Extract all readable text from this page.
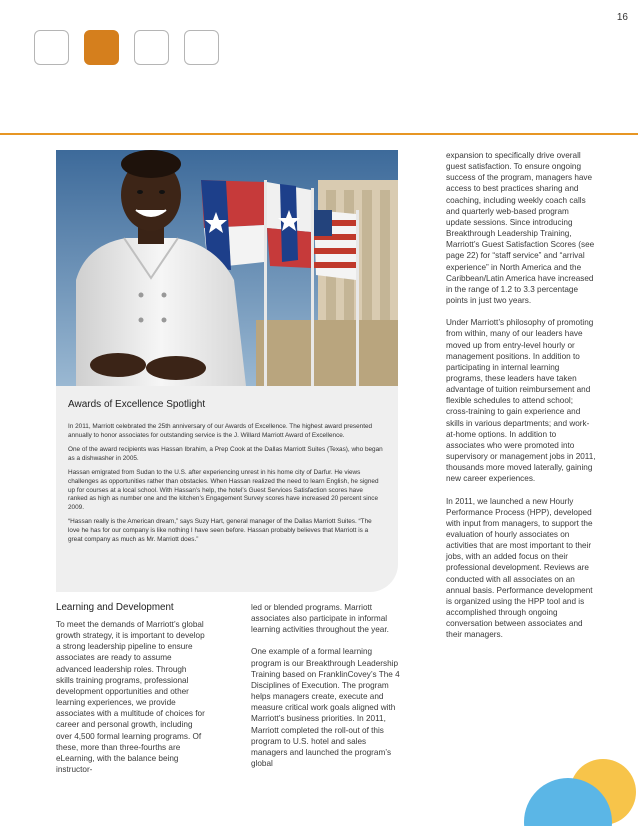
16
Awards of Excellence Spotlight

In 2011, Marriott celebrated the 25th anniversary of our Awards of Excellence. The highest award presented annually to honor associates for outstanding service is the J. Willard Marriott Award of Excellence.

One of the award recipients was Hassan Ibrahim, a Prep Cook at the Dallas Marriott Suites (Texas), who began as a dishwasher in 2005.

Hassan emigrated from Sudan to the U.S. after experiencing unrest in his home city of Darfur. He views challenges as opportunities rather than obstacles. When Hassan realized the need to learn English, he signed up for courses at a local school. With Hassan’s help, the hotel’s Guest Services Satisfaction scores have ranked as high as number one and the kitchen’s Engagement Survey scores have increased 20 percent since 2009.

“Hassan really is the American dream,” says Suzy Hart, general manager of the Dallas Marriott Suites. “The love he has for our company is like nothing I have seen before. Hassan probably believes that Marriott is a great company as much as Mr. Marriott does.”

Learning and Development

To meet the demands of Marriott’s global growth strategy, it is important to develop a strong leadership pipeline to ensure associates are ready to assume advanced leadership roles. Through skills training programs, professional development opportunities and other learning experiences, we provide associates with a multitude of choices for career and personal growth, including over 4,500 formal learning programs. Of these, more than three-fourths are eLearning, with the balance being instructor-

led or blended programs. Marriott associates also participate in informal learning activities throughout the year.

One example of a formal learning program is our Breakthrough Leadership Training based on FranklinCovey’s The 4 Disciplines of Execution. The program helps managers create, execute and measure critical work goals aligned with Marriott’s business priorities. In 2011, Marriott completed the roll-out of this program to U.S. hotel and sales managers and launched the program’s global

expansion to specifically drive overall guest satisfaction. To ensure ongoing success of the program, managers have access to best practices sharing and coaching, including weekly coach calls and quarterly web-based program update sessions. Since introducing Breakthrough Leadership Training, Marriott’s Guest Satisfaction Scores (see page 22) for “staff service” and “arrival experience” in North America and the Caribbean/Latin America have increased in the range of 1.2 to 3.3 percentage points in just two years.

Under Marriott’s philosophy of promoting from within, many of our leaders have moved up from entry-level hourly or management positions. In addition to participating in internal learning programs, these leaders have taken advantage of tuition reimbursement and flexible schedules to attend school; cross-training to gain experience and skills in various departments; and work-at-home options. In addition to associates who were promoted into supervisory or management jobs in 2011, thousands more moved laterally, gaining new career experiences.

In 2011, we launched a new Hourly Performance Process (HPP), developed with input from managers, to support the evaluation of hourly associates on activities that are most important to their jobs, with an added focus on their professional development. Reviews are conducted with all associates on an annual basis. Performance development is organized using the HPP tool and is accomplished through ongoing conversation between associates and their managers.
